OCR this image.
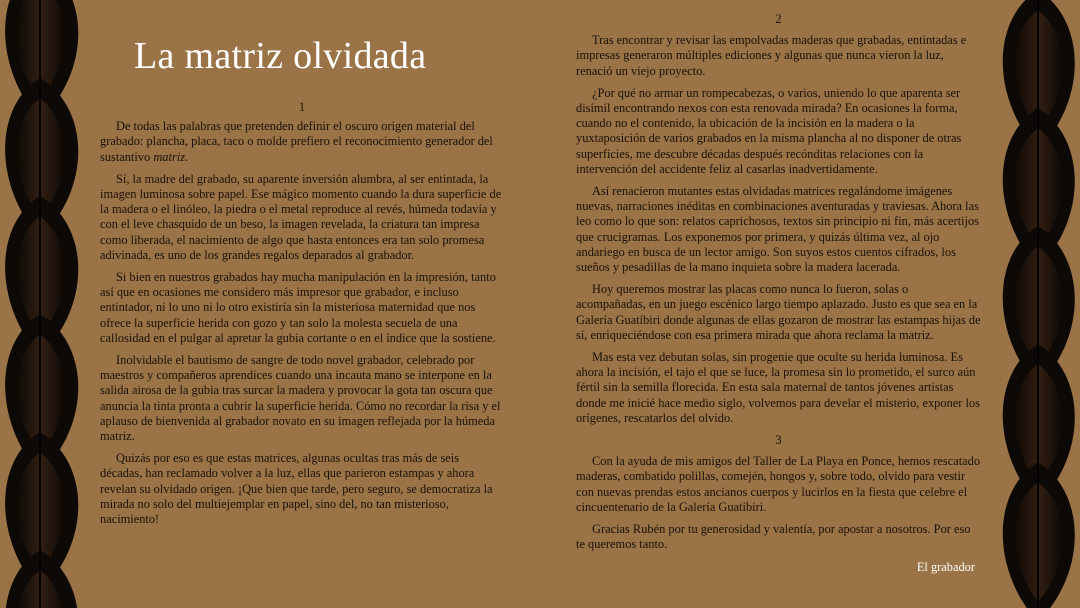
La matriz olvidada
1

De todas las palabras que pretenden definir el oscuro origen material del grabado: plancha, placa, taco o molde prefiero el reconocimiento generador del sustantivo matriz.

Sí, la madre del grabado, su aparente inversión alumbra, al ser entintada, la imagen luminosa sobre papel. Ese mágico momento cuando la dura superficie de la madera o el linóleo, la piedra o el metal reproduce al revés, húmeda todavía y con el leve chasquido de un beso, la imagen revelada, la criatura tan impresa como liberada, el nacimiento de algo que hasta entonces era tan solo promesa adivinada, es uno de los grandes regalos deparados al grabador.

Si bien en nuestros grabados hay mucha manipulación en la impresión, tanto así que en ocasiones me considero más impresor que grabador, e incluso entintador, ni lo uno ni lo otro existiría sin la misteriosa maternidad que nos ofrece la superficie herida con gozo y tan solo la molesta secuela de una callosidad en el pulgar al apretar la gubia cortante o en el índice que la sostiene.

Inolvidable el bautismo de sangre de todo novel grabador, celebrado por maestros y compañeros aprendices cuando una incauta mano se interpone en la salida airosa de la gubia tras surcar la madera y provocar la gota tan oscura que anuncia la tinta pronta a cubrir la superficie herida. Cómo no recordar la risa y el aplauso de bienvenida al grabador novato en su imagen reflejada por la húmeda matriz.

Quizás por eso es que estas matrices, algunas ocultas tras más de seis décadas, han reclamado volver a la luz, ellas que parieron estampas y ahora revelan su olvidado origen. ¡Que bien que tarde, pero seguro, se democratiza la mirada no solo del multiejemplar en papel, sino del, no tan misterioso, nacimiento!

2

Tras encontrar y revisar las empolvadas maderas que grabadas, entintadas e impresas generaron múltiples ediciones y algunas que nunca vieron la luz, renació un viejo proyecto.

¿Por qué no armar un rompecabezas, o varios, uniendo lo que aparenta ser disímil encontrando nexos con esta renovada mirada? En ocasiones la forma, cuando no el contenido, la ubicación de la incisión en la madera o la yuxtaposición de varios grabados en la misma plancha al no disponer de otras superficies, me descubre décadas después recónditas relaciones con la intervención del accidente feliz al casarlas inadvertidamente.

Así renacieron mutantes estas olvidadas matrices regalándome imágenes nuevas, narraciones inéditas en combinaciones aventuradas y traviesas. Ahora las leo como lo que son: relatos caprichosos, textos sin principio ni fin, más acertijos que crucigramas. Los exponemos por primera, y quizás última vez, al ojo andariego en busca de un lector amigo. Son suyos estos cuentos cifrados, los sueños y pesadillas de la mano inquieta sobre la madera lacerada.

Hoy queremos mostrar las placas como nunca lo fueron, solas o acompañadas, en un juego escénico largo tiempo aplazado. Justo es que sea en la Galería Guatíbiri donde algunas de ellas gozaron de mostrar las estampas hijas de sí, enriqueciéndose con esa primera mirada que ahora reclama la matriz.

Mas esta vez debutan solas, sin progenie que oculte su herida luminosa. Es ahora la incisión, el tajo el que se luce, la promesa sin lo prometido, el surco aún fértil sin la semilla florecida. En esta sala maternal de tantos jóvenes artistas donde me inicié hace medio siglo, volvemos para develar el misterio, exponer los orígenes, rescatarlos del olvido.

3

Con la ayuda de mis amigos del Taller de La Playa en Ponce, hemos rescatado maderas, combatido polillas, comején, hongos y, sobre todo, olvido para vestir con nuevas prendas estos ancianos cuerpos y lucirlos en la fiesta que celebre el cincuentenario de la Galería Guatíbiri.

Gracias Rubén por tu generosidad y valentía, por apostar a nosotros. Por eso te queremos tanto.

El grabador
